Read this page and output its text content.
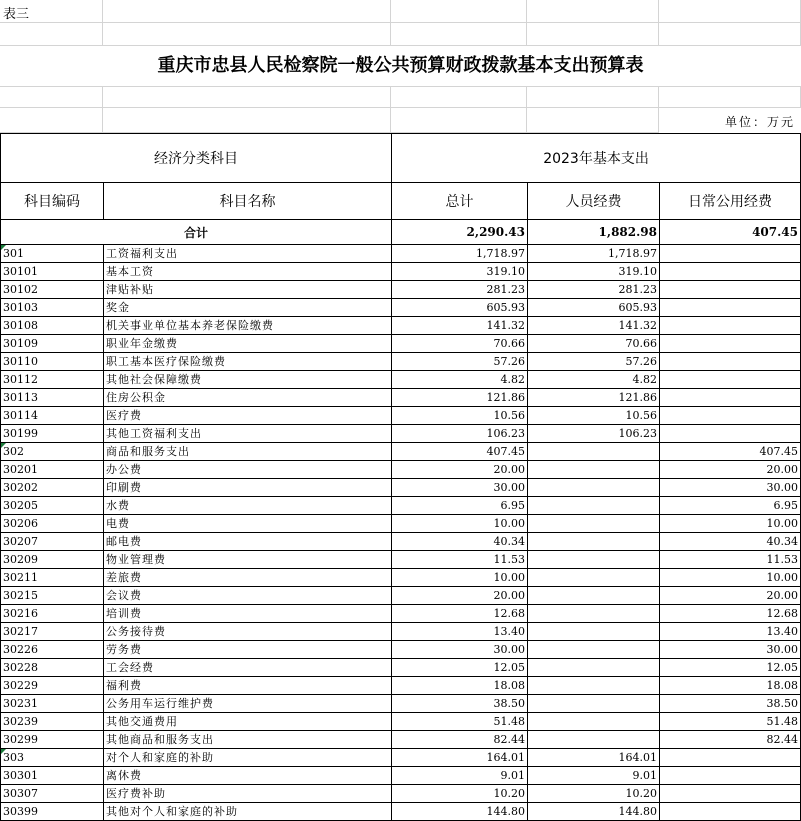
表三
重庆市忠县人民检察院一般公共预算财政拨款基本支出预算表
单位：万元
经济分类科目		2023年基本支出		
科目编码	科目名称	总计	人员经费	日常公用经费
合计		2,290.43	1,882.98	407.45

301	工资福利支出	1,718.97	1,718.97	
30101	基本工资	319.10	319.10	
30102	津贴补贴	281.23	281.23	
30103	奖金	605.93	605.93	
30108	机关事业单位基本养老保险缴费	141.32	141.32	
30109	职业年金缴费	70.66	70.66	
30110	职工基本医疗保险缴费	57.26	57.26	
30112	其他社会保障缴费	4.82	4.82	
30113	住房公积金	121.86	121.86	
30114	医疗费	10.56	10.56	
30199	其他工资福利支出	106.23	106.23	

302	商品和服务支出	407.45		407.45
30201	办公费	20.00		20.00
30202	印刷费	30.00		30.00
30205	水费	6.95		6.95
30206	电费	10.00		10.00
30207	邮电费	40.34		40.34
30209	物业管理费	11.53		11.53
30211	差旅费	10.00		10.00
30215	会议费	20.00		20.00
30216	培训费	12.68		12.68
30217	公务接待费	13.40		13.40
30226	劳务费	30.00		30.00
30228	工会经费	12.05		12.05
30229	福利费	18.08		18.08
30231	公务用车运行维护费	38.50		38.50
30239	其他交通费用	51.48		51.48
30299	其他商品和服务支出	82.44		82.44

303	对个人和家庭的补助	164.01	164.01	
30301	离休费	9.01	9.01	
30307	医疗费补助	10.20	10.20	
30399	其他对个人和家庭的补助	144.80	144.80	
